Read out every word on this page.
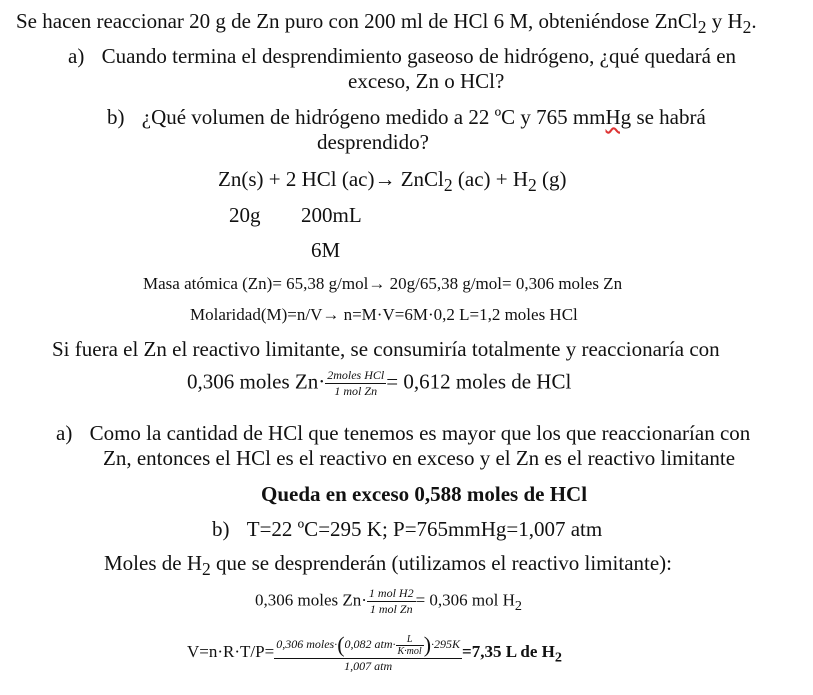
Se hacen reaccionar 20 g de Zn puro con 200 ml de HCl 6 M, obteniéndose ZnCl$_2$ y $H_2$.
a) Cuando termina el desprendimiento gaseoso de hidrógeno, ¿qué quedará en
exceso, Zn o HCl?
b) ¿Qué volumen de hidrógeno medido a 22 ºC y 765 mmHg se habrá
desprendido?
Zn(s) + 2 HCl (ac)→ ZnCl$_2$ $(ac) + H_2$ (g)
20g 200mL
6M
Masa atómica (Zn)= 65,38 g/mol→ 20g/65,38 g/mol= 0,306 moles Zn
Molaridad(M)=n/V→ n=M·V=6M·0,2 L=1,2 moles HCl
Si fuera el Zn el reactivo limitante, se consumiría totalmente y reaccionaría con
0,306 moles $Zn\cdot \frac{\text{2moles HCl}}{\text{1 mol Zn}} = 0,612$ moles de HCl
a) Como la cantidad de HCl que tenemos es mayor que los que reaccionarían con
Zn, entonces el HCl es el reactivo en exceso y el Zn es el reactivo limitante
Queda en exceso 0,588 moles de HCl
b) T=22 ºC=295 K; P=765mmHg=1,007 atm
Moles de $H_2$ que se desprenderán (utilizamos el reactivo limitante):
0,306 moles $Zn\cdot \frac{\text{1 mol H2}}{\text{1 mol Zn}} = 0,306$ mol $H_2$
$V=n\cdot R\cdot T/P= \frac{0,306 moles\cdot(0,082 atm\cdot \frac{L}{\text{K·mol}} )\cdot 295K}{\text{1,007 atm}} =7,35$ L de $H_2$
